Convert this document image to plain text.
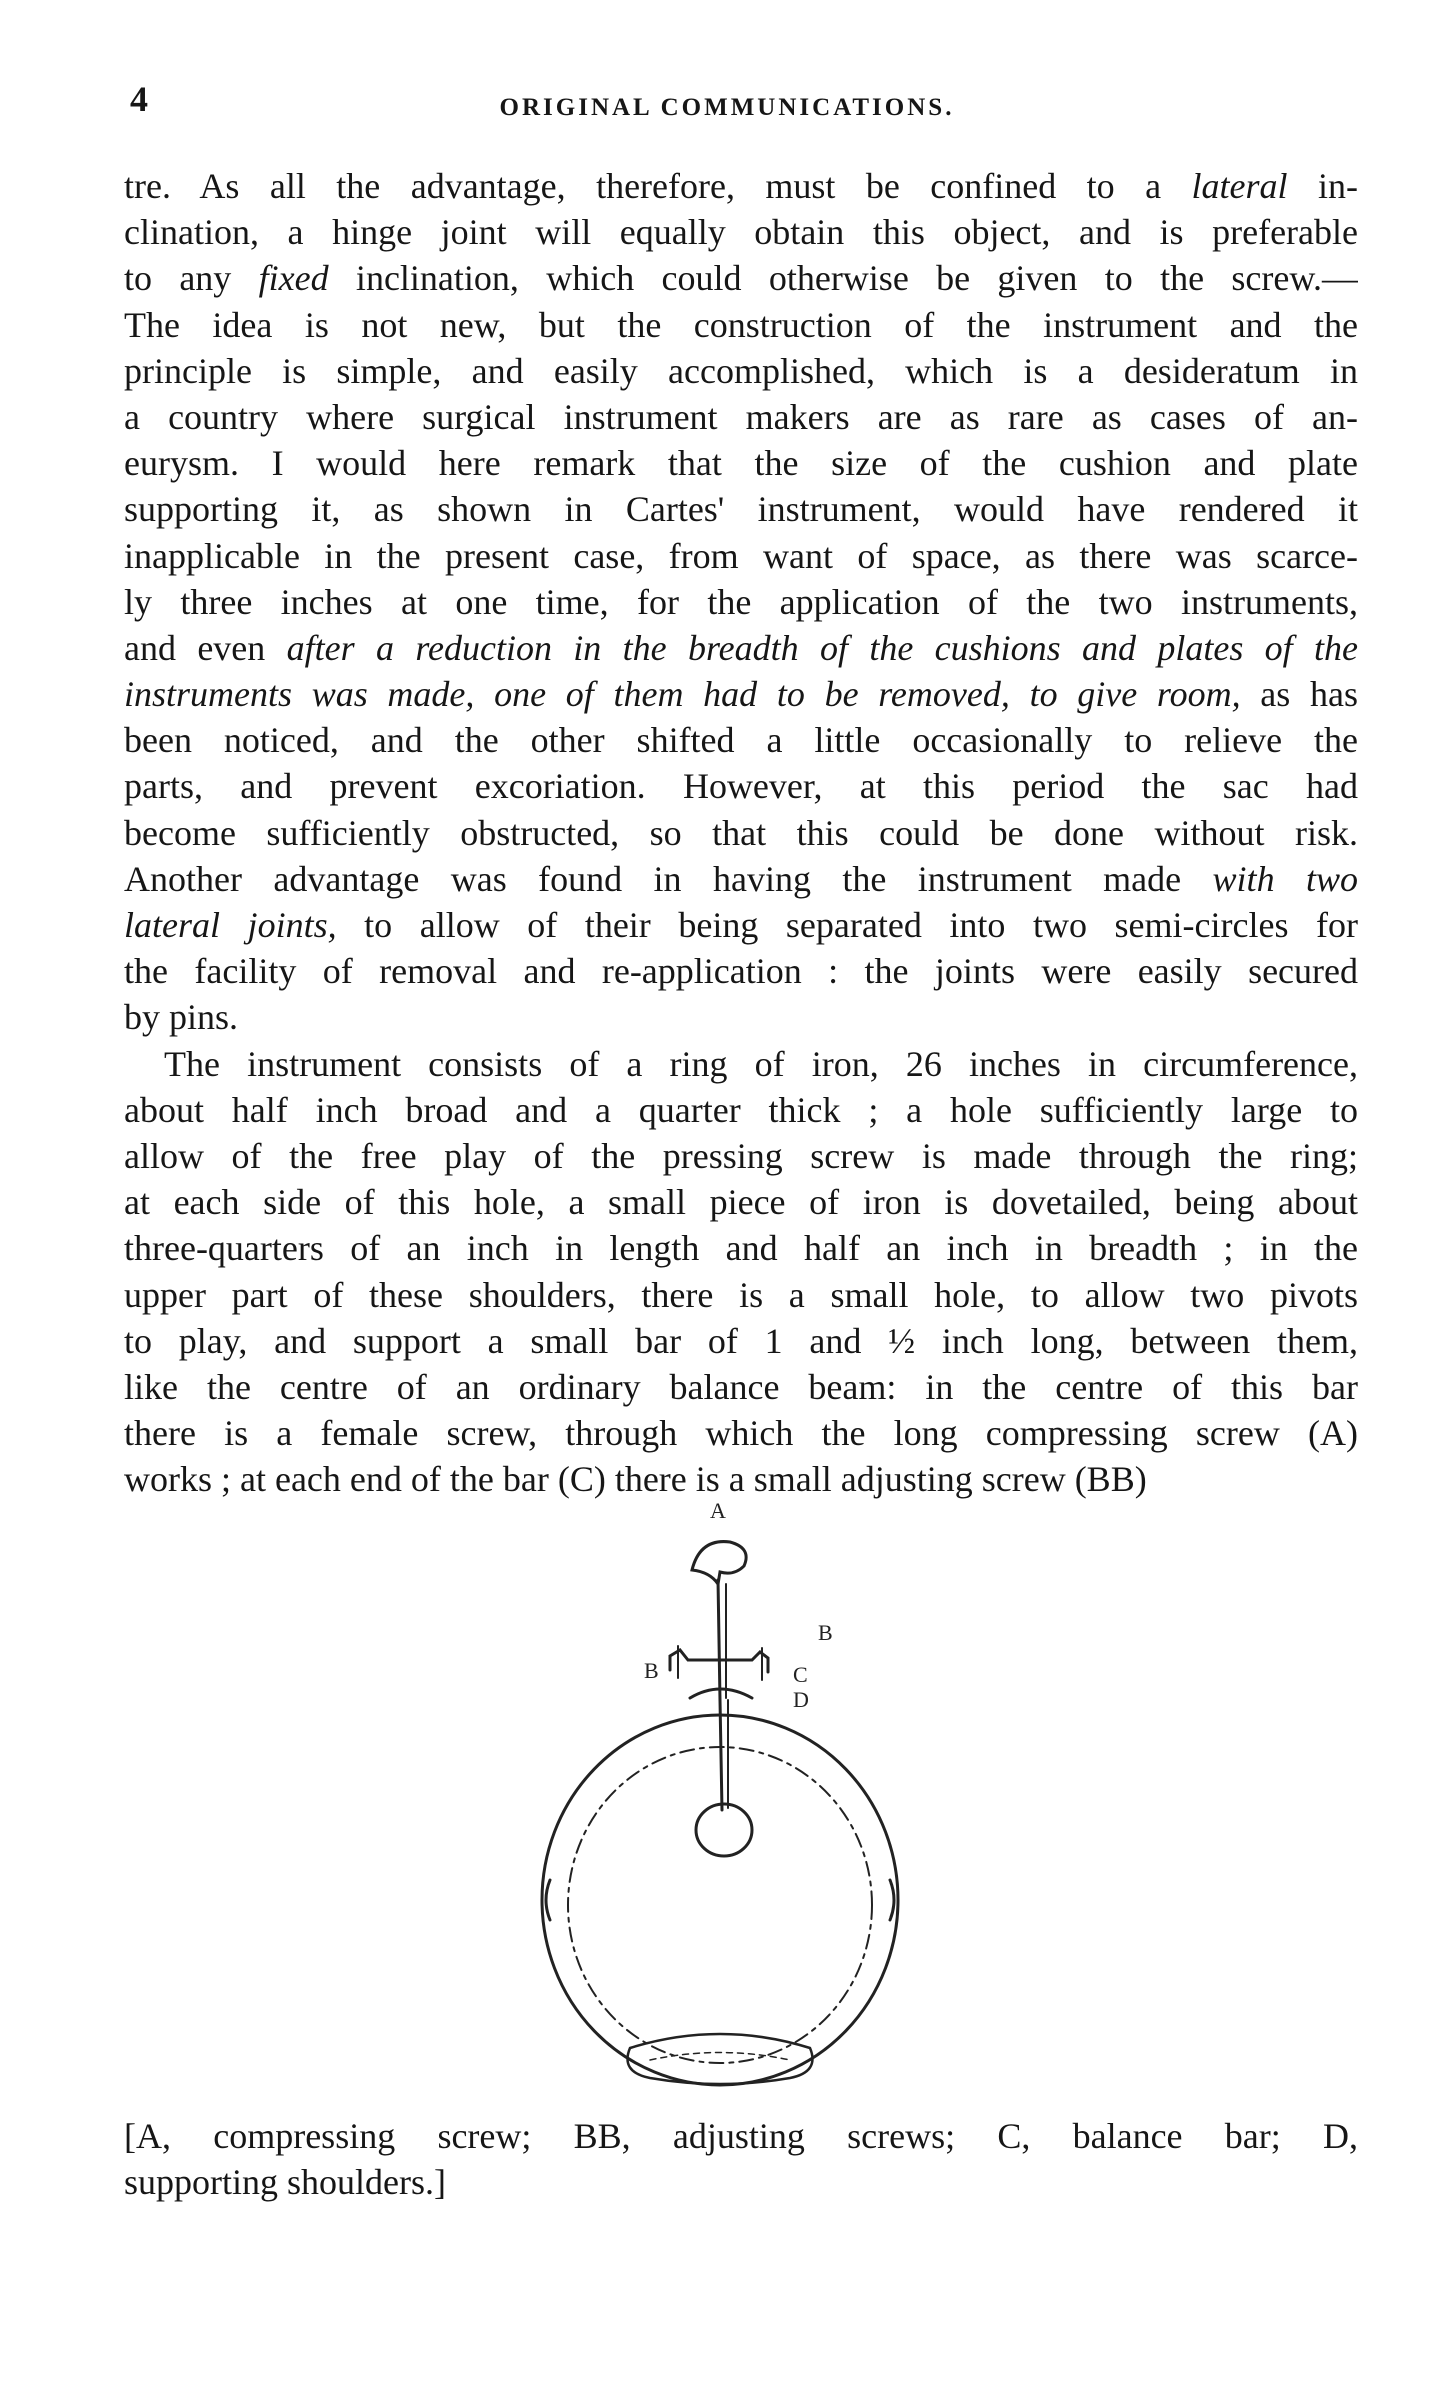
4	ORIGINAL COMMUNICATIONS.

tre. As all the advantage, therefore, must be confined to a lateral in-
clination, a hinge joint will equally obtain this object, and is preferable
to any fixed inclination, which could otherwise be given to the screw.—
The idea is not new, but the construction of the instrument and the
principle is simple, and easily accomplished, which is a desideratum in
a country where surgical instrument makers are as rare as cases of an-
eurysm. I would here remark that the size of the cushion and plate
supporting it, as shown in Cartes' instrument, would have rendered it
inapplicable in the present case, from want of space, as there was scarce-
ly three inches at one time, for the application of the two instruments,
and even after a reduction in the breadth of the cushions and plates of the
instruments was made, one of them had to be removed, to give room, as has
been noticed, and the other shifted a little occasionally to relieve the
parts, and prevent excoriation. However, at this period the sac had
become sufficiently obstructed, so that this could be done without risk.
Another advantage was found in having the instrument made with two
lateral joints, to allow of their being separated into two semi-circles for
the facility of removal and re-application : the joints were easily secured
by pins.

The instrument consists of a ring of iron, 26 inches in circumference,
about half inch broad and a quarter thick ; a hole sufficiently large to
allow of the free play of the pressing screw is made through the ring;
at each side of this hole, a small piece of iron is dovetailed, being about
three-quarters of an inch in length and half an inch in breadth ; in the
upper part of these shoulders, there is a small hole, to allow two pivots
to play, and support a small bar of 1 and ½ inch long, between them,
like the centre of an ordinary balance beam: in the centre of this bar
there is a female screw, through which the long compressing screw (A)
works ; at each end of the bar (C) there is a small adjusting screw (BB)

A
B
B	C
D
[A, compressing screw; BB, adjusting screws; C, balance bar; D,
supporting shoulders.]
